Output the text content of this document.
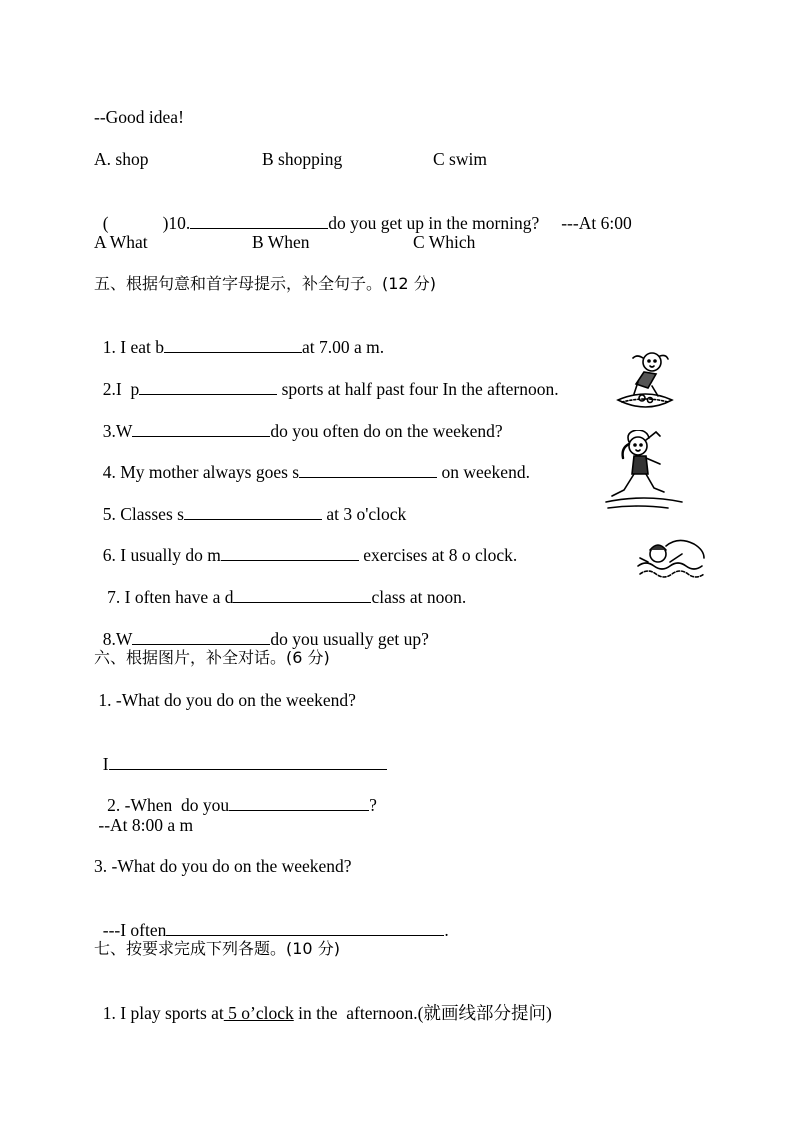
--Good idea!
A. shop	B shopping	C swim

(	)10.	do you get up in the morning? ---At 6:00

A What	B When	C Which
五、根据句意和首字母提示，补全句子。(12 分)

1. I eat b	at 7.00 a m.

2.I  p	sports at half past four In the afternoon.

3.W	do you often do on the weekend?

4. My mother always goes s	on weekend.

5. Classes s	at 3 o'clock

6. I usually do m	exercises at 8 o clock.

7. I often have a d	class at noon.

8.W	do you usually get up?

六、根据图片，补全对话。(6 分)
1. -What do you do on the weekend?

I

2. -When  do you	?

--At 8:00 a m
3. -What do you do on the weekend?

---I often	.

七、按要求完成下列各题。(10 分)

1. I play sports at 5 o’clock in the  afternoon.(就画线部分提问)
